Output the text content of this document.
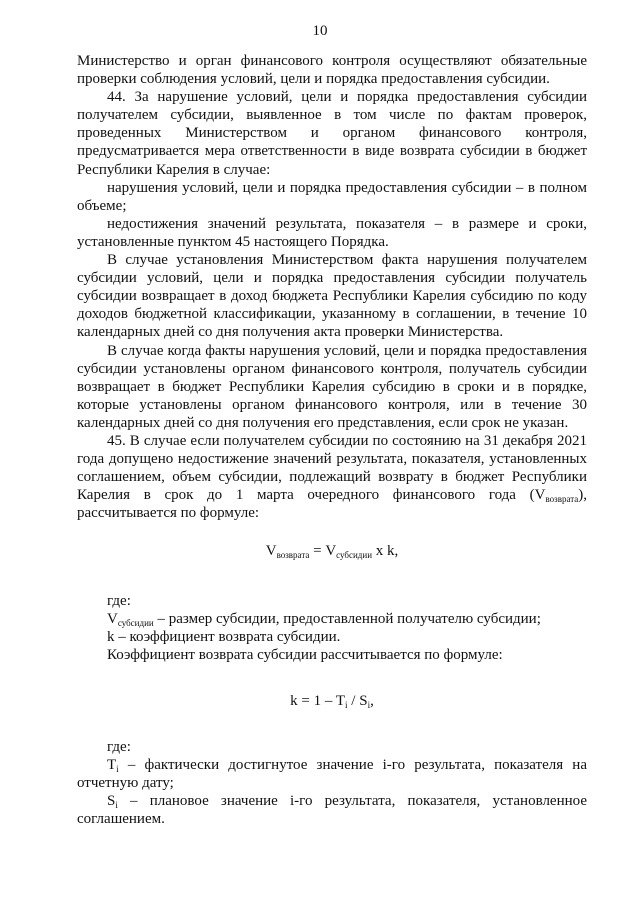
10

Министерство и орган финансового контроля осуществляют обязательные проверки соблюдения условий, цели и порядка предоставления субсидии.

44. За нарушение условий, цели и порядка предоставления субсидии получателем субсидии, выявленное в том числе по фактам проверок, проведенных Министерством и органом финансового контроля, предусматривается мера ответственности в виде возврата субсидии в бюджет Республики Карелия в случае:

нарушения условий, цели и порядка предоставления субсидии – в полном объеме;

недостижения значений результата, показателя – в размере и сроки, установленные пунктом 45 настоящего Порядка.

В случае установления Министерством факта нарушения получателем субсидии условий, цели и порядка предоставления субсидии получатель субсидии возвращает в доход бюджета Республики Карелия субсидию по коду доходов бюджетной классификации, указанному в соглашении, в течение 10 календарных дней со дня получения акта проверки Министерства.

В случае когда факты нарушения условий, цели и порядка предоставления субсидии установлены органом финансового контроля, получатель субсидии возвращает в бюджет Республики Карелия субсидию в сроки и в порядке, которые установлены органом финансового контроля, или в течение 30 календарных дней со дня получения его представления, если срок не указан.

45. В случае если получателем субсидии по состоянию на 31 декабря 2021 года допущено недостижение значений результата, показателя, установленных соглашением, объем субсидии, подлежащий возврату в бюджет Республики Карелия в срок до 1 марта очередного финансового года $(V_{возврата})$, рассчитывается по формуле:

$V_{возврата} = V_{субсидии}$ x k,

где:

$V_{субсидии}$ – размер субсидии, предоставленной получателю субсидии;

k – коэффициент возврата субсидии.

Коэффициент возврата субсидии рассчитывается по формуле:

$k = 1 - T_i / S_i$,

где:

$T_i$ – фактически достигнутое значение i-го результата, показателя на отчетную дату;

$S_i$ – плановое значение i-го результата, показателя, установленное соглашением.
